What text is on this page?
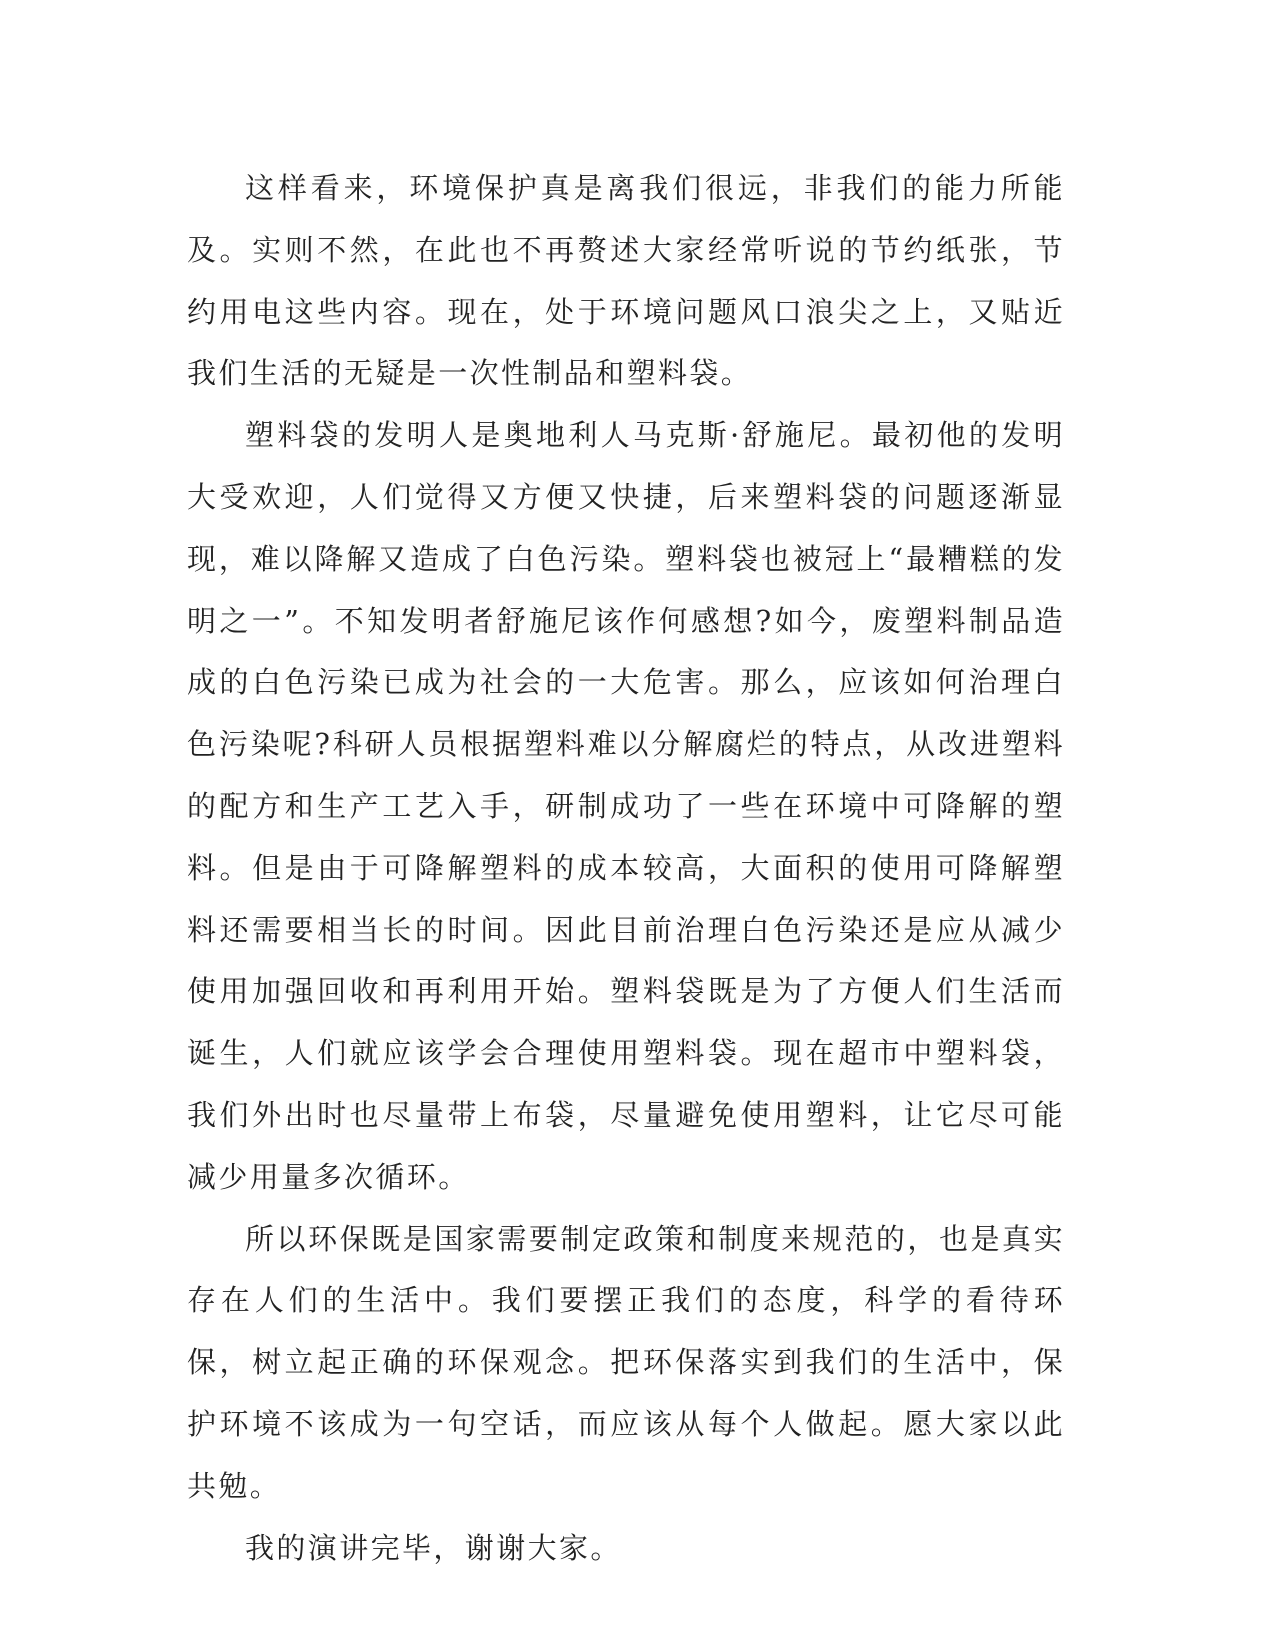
这样看来，环境保护真是离我们很远，非我们的能力所能及。实则不然，在此也不再赘述大家经常听说的节约纸张，节约用电这些内容。现在，处于环境问题风口浪尖之上，又贴近我们生活的无疑是一次性制品和塑料袋。

塑料袋的发明人是奥地利人马克斯·舒施尼。最初他的发明大受欢迎，人们觉得又方便又快捷，后来塑料袋的问题逐渐显现，难以降解又造成了白色污染。塑料袋也被冠上“最糟糕的发明之一”。不知发明者舒施尼该作何感想?如今，废塑料制品造成的白色污染已成为社会的一大危害。那么，应该如何治理白色污染呢?科研人员根据塑料难以分解腐烂的特点，从改进塑料的配方和生产工艺入手，研制成功了一些在环境中可降解的塑料。但是由于可降解塑料的成本较高，大面积的使用可降解塑料还需要相当长的时间。因此目前治理白色污染还是应从减少使用加强回收和再利用开始。塑料袋既是为了方便人们生活而诞生，人们就应该学会合理使用塑料袋。现在超市中塑料袋，我们外出时也尽量带上布袋，尽量避免使用塑料，让它尽可能减少用量多次循环。

所以环保既是国家需要制定政策和制度来规范的，也是真实存在人们的生活中。我们要摆正我们的态度，科学的看待环保，树立起正确的环保观念。把环保落实到我们的生活中，保护环境不该成为一句空话，而应该从每个人做起。愿大家以此共勉。

我的演讲完毕，谢谢大家。
